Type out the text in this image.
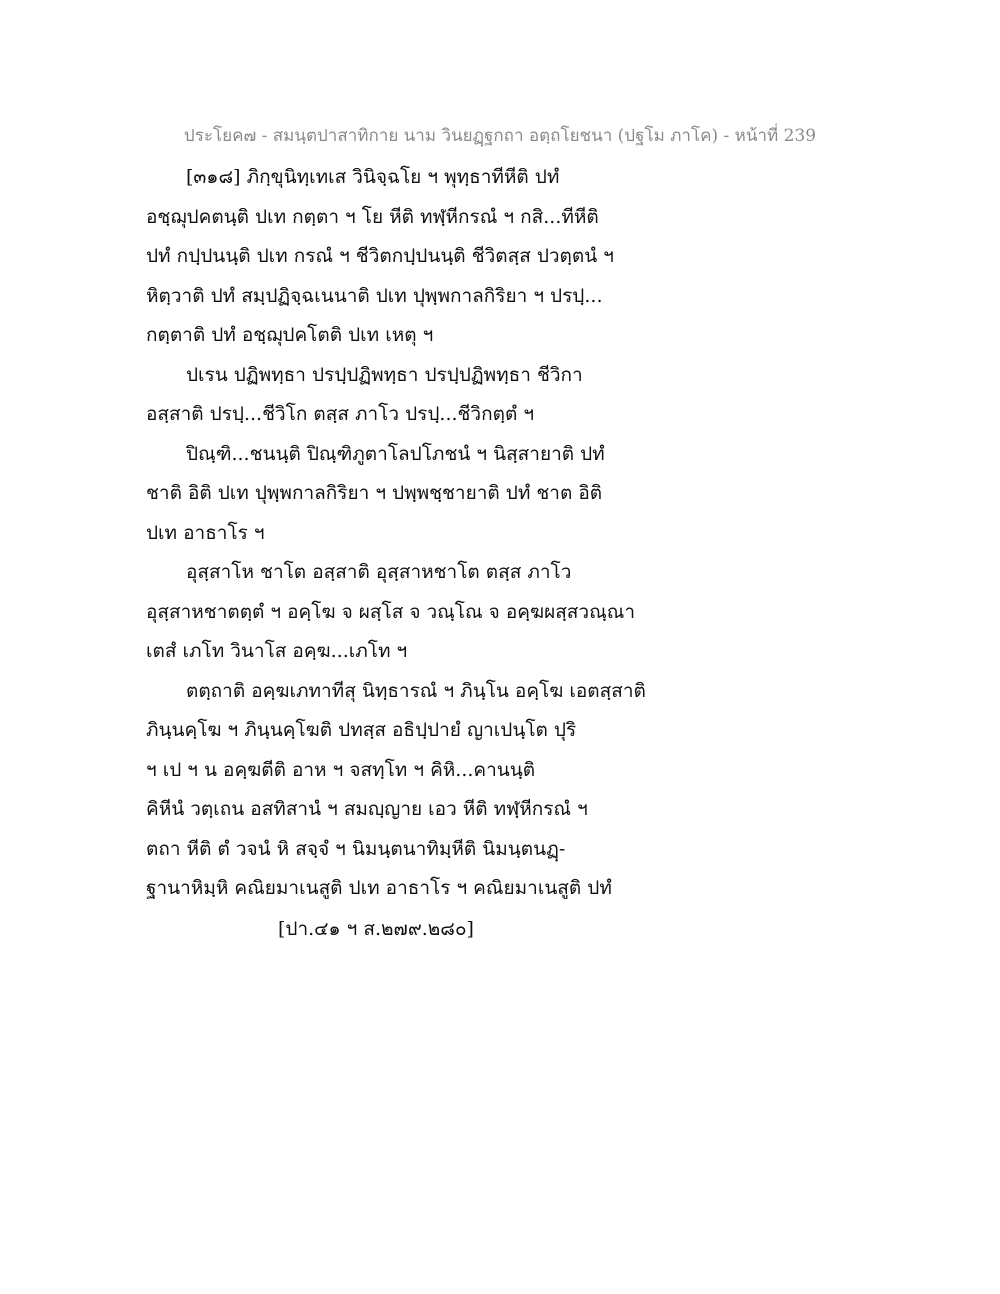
ประโยค๗ - สมนฺตปาสาทิกาย นาม วินยฏฺฐกถา อตฺถโยชนา (ปฐโม ภาโค) - หน้าที่ 239
[๓๑๘] ภิกฺขุนิทฺเทเส วินิจฺฉโย ฯ พุทฺธาทีหีติ ปทํ
อชฺฌุปคตนฺติ ปเท กตฺตา ฯ โย หีติ ทฬฺหีกรณํ ฯ กสิ...ทีหีติ
ปทํ กปฺปนนฺติ ปเท กรณํ ฯ ชีวิตกปฺปนนฺติ ชีวิตสฺส ปวตฺตนํ ฯ
หิตฺวาติ ปทํ สมฺปฏิจฺฉเนนาติ ปเท ปุพฺพกาลกิริยา ฯ ปรปฺ...
กตฺตาติ ปทํ อชฺฌุปคโตติ ปเท เหตุ ฯ
ปเรน ปฏิพทฺธา ปรปฺปฏิพทฺธา ปรปฺปฏิพทฺธา ชีวิกา
อสฺสาติ ปรปฺ...ชีวิโก ตสฺส ภาโว ปรปฺ...ชีวิกตฺตํ ฯ
ปิณฺฑิ...ชนนฺติ ปิณฺฑิภูตาโลปโภชนํ ฯ นิสฺสายาติ ปทํ
ชาติ อิติ ปเท ปุพฺพกาลกิริยา ฯ ปพฺพชฺชายาติ ปทํ ชาต อิติ
ปเท อาธาโร ฯ
อุสฺสาโห ชาโต อสฺสาติ อุสฺสาหชาโต ตสฺส ภาโว
อุสฺสาหชาตตฺตํ ฯ อคฺโฆ จ ผสฺโส จ วณฺโณ จ อคฺฆผสฺสวณฺณา
เตสํ เภโท วินาโส อคฺฆ...เภโท ฯ
ตตฺถาติ อคฺฆเภทาทีสุ นิทฺธารณํ ฯ ภินฺโน อคฺโฆ เอตสฺสาติ
ภินฺนคฺโฆ ฯ ภินฺนคฺโฆติ ปทสฺส อธิปฺปายํ ญาเปนฺโต ปุริ
ฯ เป ฯ น อคฺฆตีติ อาห ฯ จสทฺโท ฯ คิหิ...คานนฺติ
คิหีนํ วตฺเถน อสทิสานํ ฯ สมญฺญาย เอว หีติ ทฬฺหีกรณํ ฯ
ตถา หีติ ตํ วจนํ หิ สจฺจํ ฯ นิมนฺตนาทิมฺหีติ นิมนฺตนฏฺ-
ฐานาหิมฺหิ คณิยมาเนสูติ ปเท อาธาโร ฯ คณิยมาเนสูติ ปทํ
[ปา.๔๑ ฯ ส.๒๗๙.๒๘๐]
